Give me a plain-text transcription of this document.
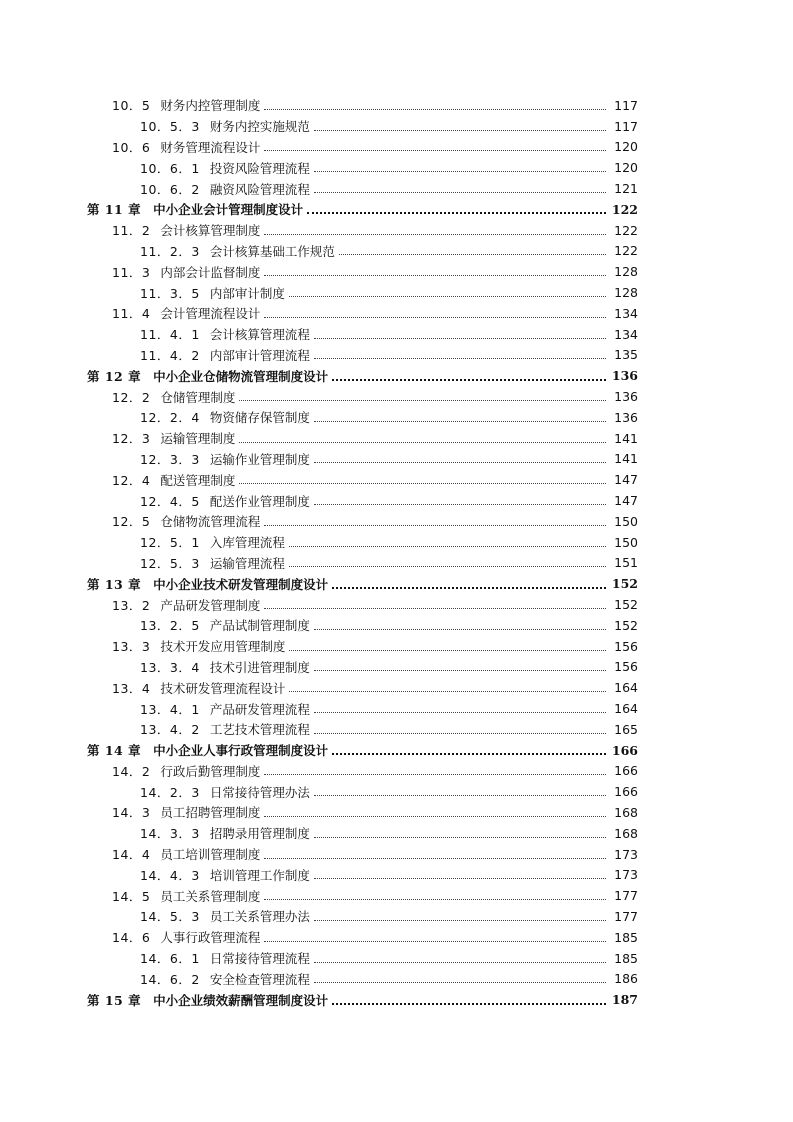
10．5 财务内控管理制度	117
10．5．3 财务内控实施规范	117
10．6 财务管理流程设计	120
10．6．1 投资风险管理流程	120
10．6．2 融资风险管理流程	121
第 11 章 中小企业会计管理制度设计	122
11．2 会计核算管理制度	122
11．2．3 会计核算基础工作规范	122
11．3 内部会计监督制度	128
11．3．5 内部审计制度	128
11．4 会计管理流程设计	134
11．4．1 会计核算管理流程	134
11．4．2 内部审计管理流程	135
第 12 章 中小企业仓储物流管理制度设计	136
12．2 仓储管理制度	136
12．2．4 物资储存保管制度	136
12．3 运输管理制度	141
12．3．3 运输作业管理制度	141
12．4 配送管理制度	147
12．4．5 配送作业管理制度	147
12．5 仓储物流管理流程	150
12．5．1 入库管理流程	150
12．5．3 运输管理流程	151
第 13 章 中小企业技术研发管理制度设计	152
13．2 产品研发管理制度	152
13．2．5 产品试制管理制度	152
13．3 技术开发应用管理制度	156
13．3．4 技术引进管理制度	156
13．4 技术研发管理流程设计	164
13．4．1 产品研发管理流程	164
13．4．2 工艺技术管理流程	165
第 14 章 中小企业人事行政管理制度设计	166
14．2 行政后勤管理制度	166
14．2．3 日常接待管理办法	166
14．3 员工招聘管理制度	168
14．3．3 招聘录用管理制度	168
14．4 员工培训管理制度	173
14．4．3 培训管理工作制度	173
14．5 员工关系管理制度	177
14．5．3 员工关系管理办法	177
14．6 人事行政管理流程	185
14．6．1 日常接待管理流程	185
14．6．2 安全检查管理流程	186
第 15 章 中小企业绩效薪酬管理制度设计	187
